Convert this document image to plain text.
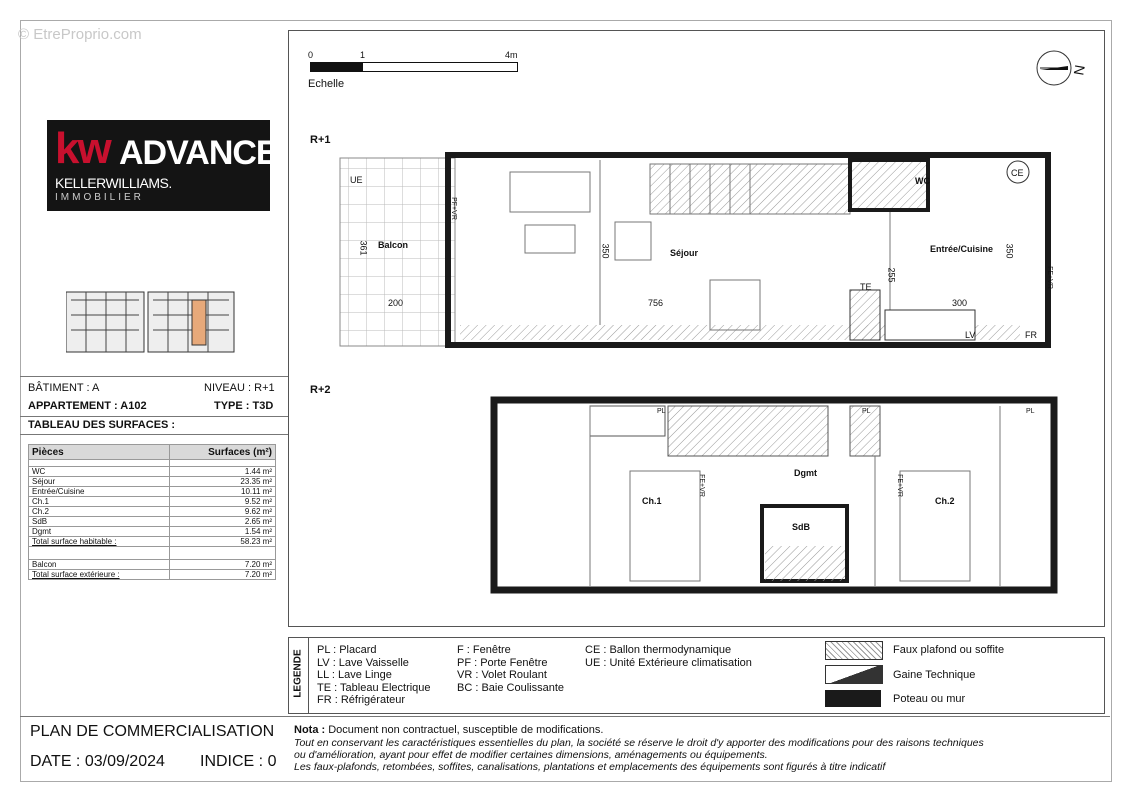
© EtreProprio.com
kw ADVANCE
KELLERWILLIAMS.
IMMOBILIER
BÂTIMENT : A	NIVEAU : R+1
APPARTEMENT : A102	TYPE : T3D
TABLEAU DES SURFACES :
Pièces	Surfaces (m²)

WC	1.44 m²
Séjour	23.35 m²
Entrée/Cuisine	10.11 m²
Ch.1	9.52 m²
Ch.2	9.62 m²
SdB	2.65 m²
Dgmt	1.54 m²
Total surface habitable :	58.23 m²

Balcon	7.20 m²
Total surface extérieure :	7.20 m²
0	1	4m
Echelle
N
R+1
UE
Balcon
361
200
350	Séjour
756
TE
255
WC
CE
Entrée/Cuisine 350
300
LV	FR
FE+VR
PF+VR
R+2
PL	PL	PL
Dgmt
Ch.1
SdB
Ch.2
FE+VR	FE+VR
LEGENDE PL : Placard
LV : Lave Vaisselle
LL : Lave Linge
TE : Tableau Electrique
FR : Réfrigérateur
F : Fenêtre
PF : Porte Fenêtre
VR : Volet Roulant
BC : Baie Coulissante
CE : Ballon thermodynamique
UE : Unité Extérieure climatisation
Faux plafond ou soffite
Gaine Technique
Poteau ou mur
PLAN DE COMMERCIALISATION
DATE : 03/09/2024 INDICE : 0
Nota : Document non contractuel, susceptible de modifications.
Tout en conservant les caractéristiques essentielles du plan, la société se réserve le droit d'y apporter des modifications pour des raisons techniques
ou d'amélioration, ayant pour effet de modifier certaines dimensions, aménagements ou équipements.
Les faux-plafonds, retombées, soffites, canalisations, plantations et emplacements des équipements sont figurés à titre indicatif
